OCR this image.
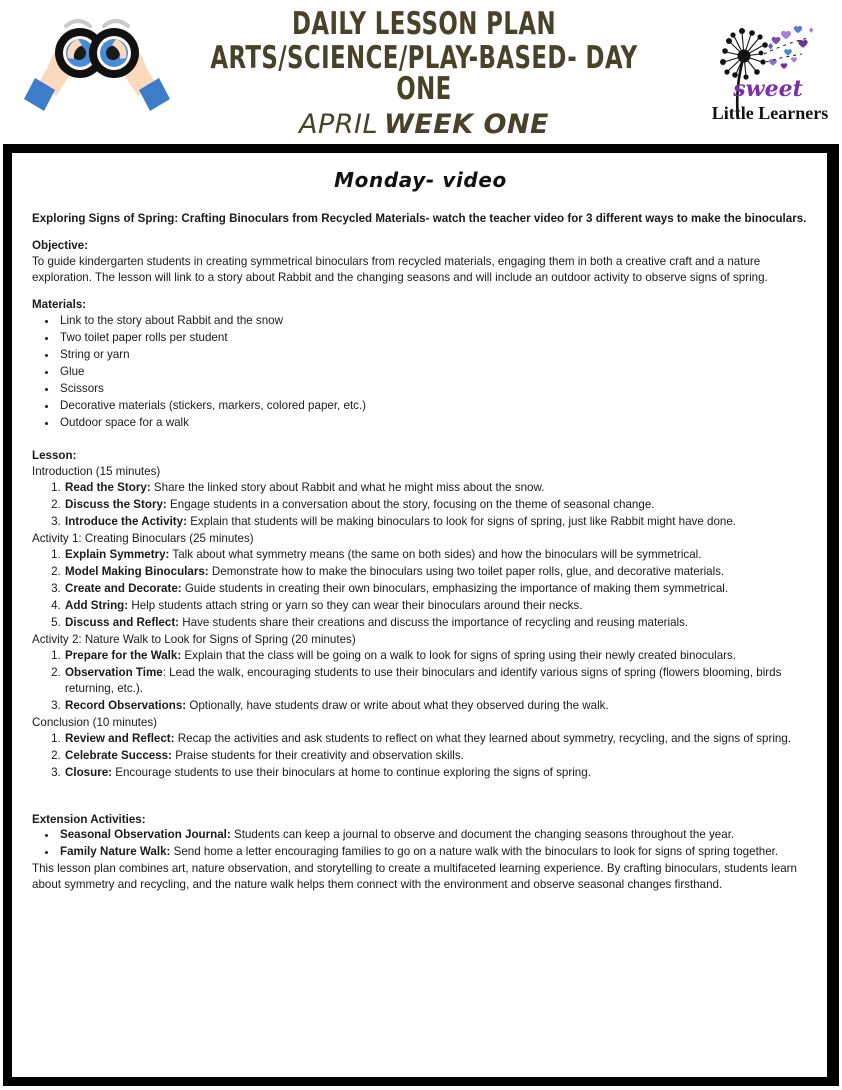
DAILY LESSON PLAN
ARTS/SCIENCE/PLAY-BASED- DAY ONE
APRIL WEEK ONE
sweet
Little Learners
Monday- video

Exploring Signs of Spring: Crafting Binoculars from Recycled Materials- watch the teacher video for 3 different ways to make the binoculars.

Objective:

To guide kindergarten students in creating symmetrical binoculars from recycled materials, engaging them in both a creative craft and a nature exploration. The lesson will link to a story about Rabbit and the changing seasons and will include an outdoor activity to observe signs of spring.

Materials:

• Link to the story about Rabbit and the snow
• Two toilet paper rolls per student
• String or yarn
• Glue
• Scissors
• Decorative materials (stickers, markers, colored paper, etc.)
• Outdoor space for a walk

Lesson:

Introduction (15 minutes)

1. Read the Story: Share the linked story about Rabbit and what he might miss about the snow.
2. Discuss the Story: Engage students in a conversation about the story, focusing on the theme of seasonal change.
3. Introduce the Activity: Explain that students will be making binoculars to look for signs of spring, just like Rabbit might have done.

Activity 1: Creating Binoculars (25 minutes)

1. Explain Symmetry: Talk about what symmetry means (the same on both sides) and how the binoculars will be symmetrical.
2. Model Making Binoculars: Demonstrate how to make the binoculars using two toilet paper rolls, glue, and decorative materials.
3. Create and Decorate: Guide students in creating their own binoculars, emphasizing the importance of making them symmetrical.
4. Add String: Help students attach string or yarn so they can wear their binoculars around their necks.
5. Discuss and Reflect: Have students share their creations and discuss the importance of recycling and reusing materials.

Activity 2: Nature Walk to Look for Signs of Spring (20 minutes)

1. Prepare for the Walk: Explain that the class will be going on a walk to look for signs of spring using their newly created binoculars.
2. Observation Time: Lead the walk, encouraging students to use their binoculars and identify various signs of spring (flowers blooming, birds returning, etc.).
3. Record Observations: Optionally, have students draw or write about what they observed during the walk.

Conclusion (10 minutes)

1. Review and Reflect: Recap the activities and ask students to reflect on what they learned about symmetry, recycling, and the signs of spring.
2. Celebrate Success: Praise students for their creativity and observation skills.
3. Closure: Encourage students to use their binoculars at home to continue exploring the signs of spring.

Extension Activities:

• Seasonal Observation Journal: Students can keep a journal to observe and document the changing seasons throughout the year.
• Family Nature Walk: Send home a letter encouraging families to go on a nature walk with the binoculars to look for signs of spring together.

This lesson plan combines art, nature observation, and storytelling to create a multifaceted learning experience. By crafting binoculars, students learn about symmetry and recycling, and the nature walk helps them connect with the environment and observe seasonal changes firsthand.
